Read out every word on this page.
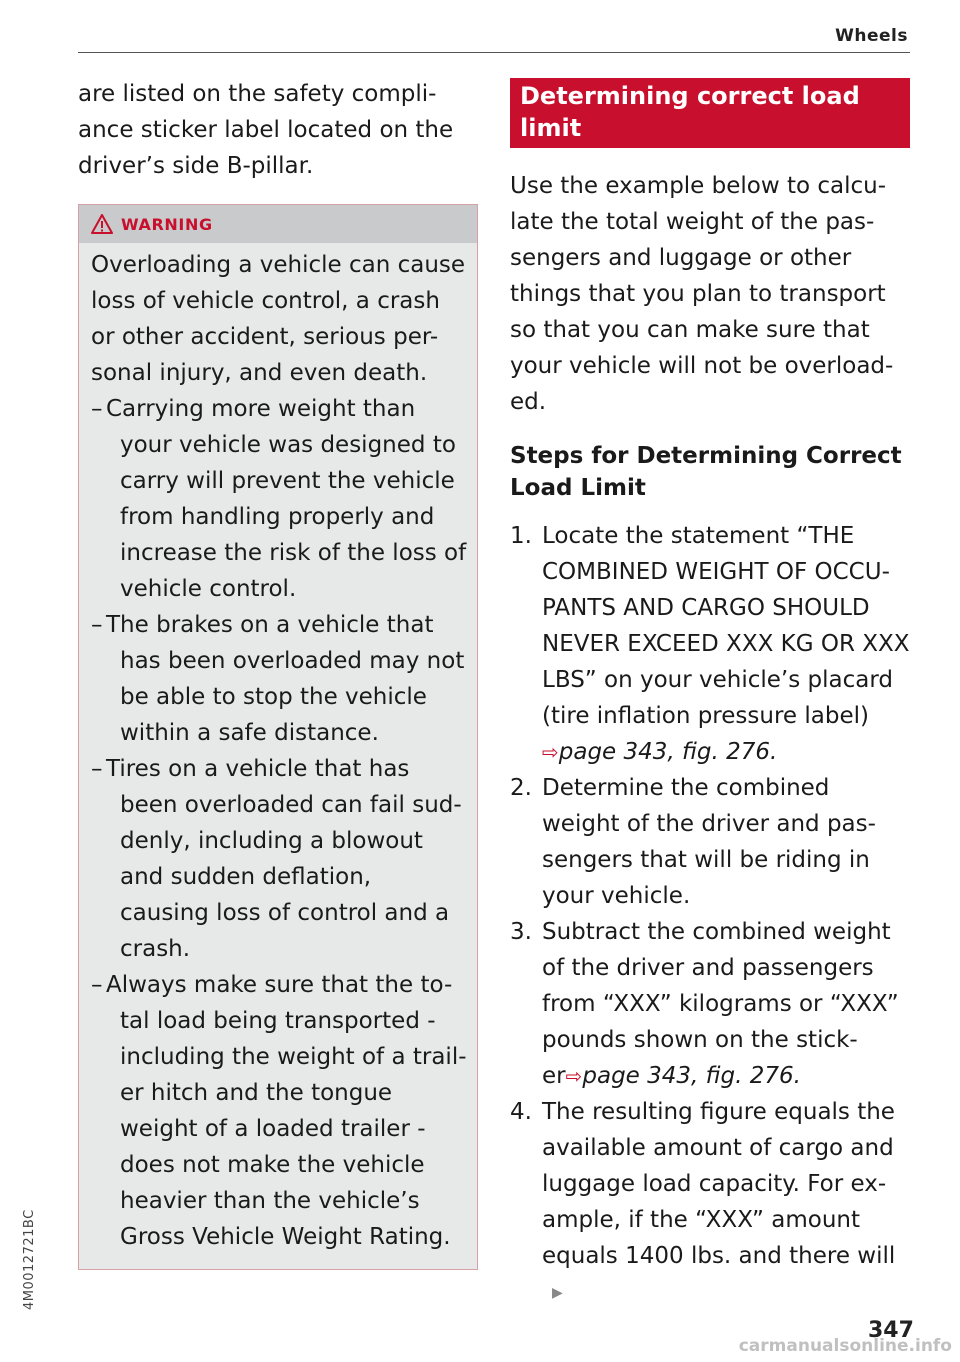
Wheels

are listed on the safety compli- ance sticker label located on the driver’s side B-pillar.

WARNING

Overloading a vehicle can cause loss of vehicle control, a crash or other accident, serious per- sonal injury, and even death.

– Carrying more weight than your vehicle was designed to carry will prevent the vehicle from handling properly and increase the risk of the loss of vehicle control.
– The brakes on a vehicle that has been overloaded may not be able to stop the vehicle within a safe distance.
– Tires on a vehicle that has been overloaded can fail sud- denly, including a blowout and sudden deflation, causing loss of control and a crash.
– Always make sure that the to- tal load being transported - including the weight of a trail- er hitch and the tongue weight of a loaded trailer - does not make the vehicle heavier than the vehicle’s Gross Vehicle Weight Rating.
Determining correct load limit

Use the example below to calcu- late the total weight of the pas- sengers and luggage or other things that you plan to transport so that you can make sure that your vehicle will not be overload- ed.

Steps for Determining Correct Load Limit
1. Locate the statement “THE COMBINED WEIGHT OF OCCU- PANTS AND CARGO SHOULD NEVER EXCEED XXX KG OR XXX LBS” on your vehicle’s placard (tire inflation pressure label) ⇨page 343, fig. 276.
2. Determine the combined weight of the driver and pas- sengers that will be riding in your vehicle.
3. Subtract the combined weight of the driver and passengers from “XXX” kilograms or “XXX” pounds shown on the stick- er⇨page 343, fig. 276.
4. The resulting figure equals the available amount of cargo and luggage load capacity. For ex- ample, if the “XXX” amount equals 1400 lbs. and there will▶
347
4M0012721BC
carmanualsonline.info
